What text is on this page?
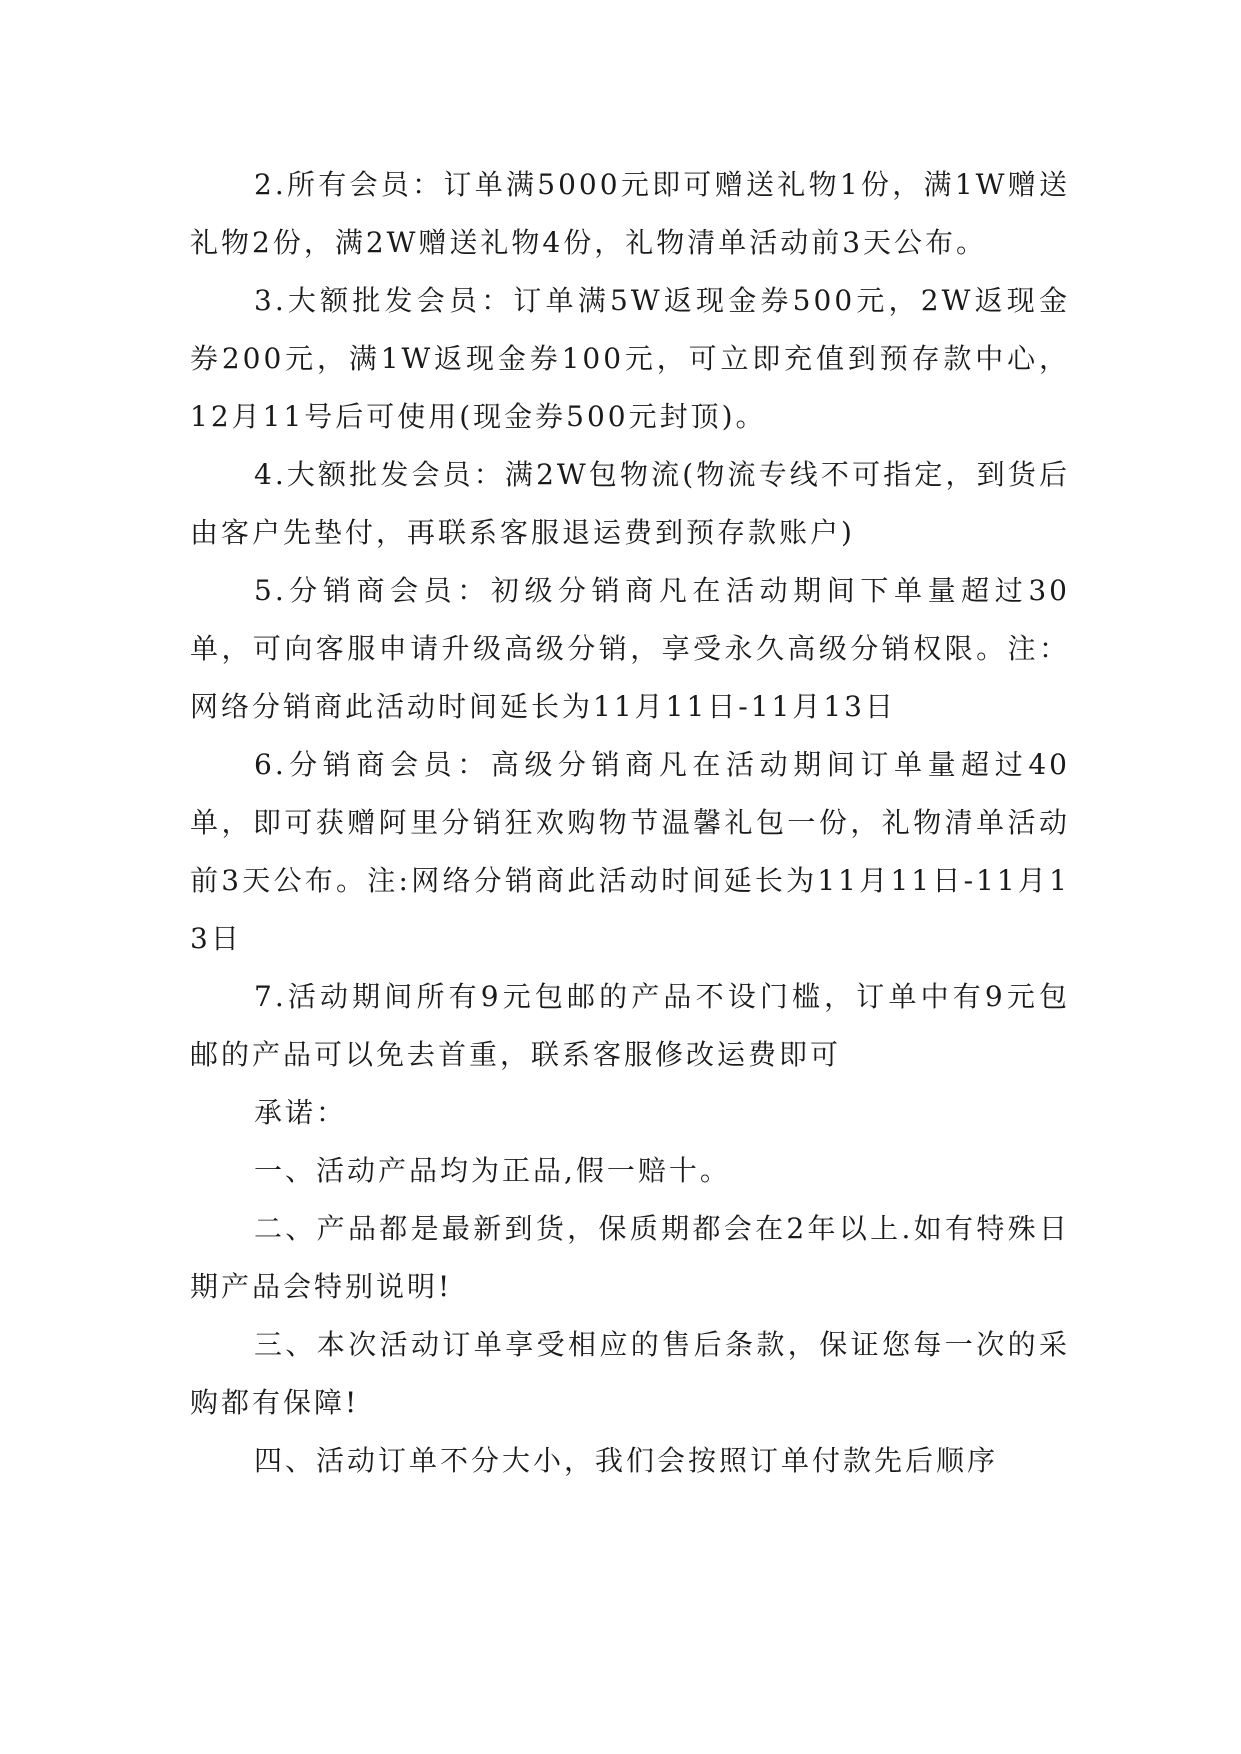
2.所有会员：订单满5000元即可赠送礼物1份，满1W赠送礼物2份，满2W赠送礼物4份，礼物清单活动前3天公布。

3.大额批发会员：订单满5W返现金券500元，2W返现金券200元，满1W返现金券100元，可立即充值到预存款中心，12月11号后可使用(现金券500元封顶)。

4.大额批发会员：满2W包物流(物流专线不可指定，到货后由客户先垫付，再联系客服退运费到预存款账户)

5.分销商会员：初级分销商凡在活动期间下单量超过30单，可向客服申请升级高级分销，享受永久高级分销权限。注：网络分销商此活动时间延长为11月11日-11月13日

6.分销商会员：高级分销商凡在活动期间订单量超过40单，即可获赠阿里分销狂欢购物节温馨礼包一份，礼物清单活动前3天公布。注:网络分销商此活动时间延长为11月11日-11月13日

7.活动期间所有9元包邮的产品不设门槛，订单中有9元包邮的产品可以免去首重，联系客服修改运费即可

承诺：

一、活动产品均为正品,假一赔十。

二、产品都是最新到货，保质期都会在2年以上.如有特殊日期产品会特别说明!

三、本次活动订单享受相应的售后条款，保证您每一次的采购都有保障!

四、活动订单不分大小，我们会按照订单付款先后顺序
